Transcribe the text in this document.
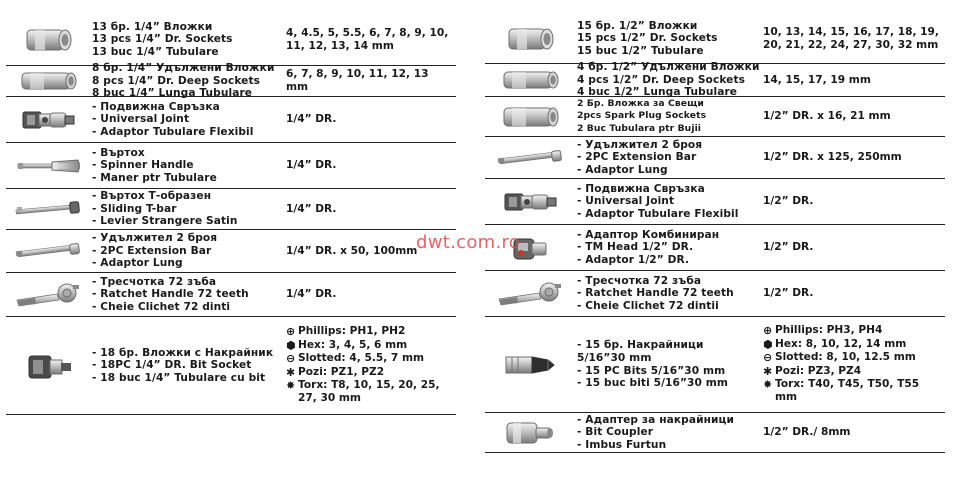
13 бр. 1/4” Вложки
13 pcs 1/4” Dr. Sockets
13 buc 1/4” Tubulare
4, 4.5, 5, 5.5, 6, 7, 8, 9, 10, 11, 12, 13, 14 mm
8 бр. 1/4” Удължени Вложки
8 pcs 1/4” Dr. Deep Sockets
8 buc 1/4” Lunga Tubulare
6, 7, 8, 9, 10, 11, 12, 13 mm
- Подвижна Свръзка
- Universal Joint
- Adaptor Tubulare Flexibil
1/4” DR.
- Въртох
- Spinner Handle
- Maner ptr Tubulare
1/4” DR.
- Въртох Т-образен
- Sliding T-bar
- Levier Strangere Satin
1/4” DR.
- Удължител 2 броя
- 2PC Extension Bar
- Adaptor Lung
1/4” DR. x 50, 100mm
- Тресчотка 72 зъба
- Ratchet Handle 72 teeth
- Cheie Clichet 72 dinti
1/4” DR.
- 18 бр. Вложки с Накрайник
- 18PC 1/4” DR. Bit Socket
- 18 buc 1/4” Tubulare cu bit
⊕ Phillips: PH1, PH2
⬢ Hex: 3, 4, 5, 6 mm
⊖ Slotted: 4, 5.5, 7 mm
✱ Pozi: PZ1, PZ2
✸ Torx: T8, 10, 15, 20, 25, 27, 30 mm
15 бр. 1/2” Вложки
15 pcs 1/2” Dr. Sockets
15 buc 1/2” Tubulare
10, 13, 14, 15, 16, 17, 18, 19, 20, 21, 22, 24, 27, 30, 32 mm
4 бр. 1/2” Удължени Вложки
4 pcs 1/2” Dr. Deep Sockets
4 buc 1/2” Lunga Tubulare
14, 15, 17, 19 mm
2 Бр. Вложка за Свещи
2pcs Spark Plug Sockets
2 Buc Tubulara ptr Bujii
1/2” DR. x 16, 21 mm
- Удължител 2 броя
- 2PC Extension Bar
- Adaptor Lung
1/2” DR. x 125, 250mm
- Подвижна Свръзка
- Universal Joint
- Adaptor Tubulare Flexibil
1/2” DR.
- Адаптор Комбиниран
- TM Head 1/2” DR.
- Adaptor 1/2” DR.
1/2” DR.
- Тресчотка 72 зъба
- Ratchet Handle 72 teeth
- Cheie Clichet 72 dintii
1/2” DR.
- 15 бр. Накрайници
5/16”30 mm
- 15 PC Bits 5/16”30 mm
- 15 buc biti 5/16”30 mm
⊕ Phillips: PH3, PH4
⬢ Hex: 8, 10, 12, 14 mm
⊖ Slotted: 8, 10, 12.5 mm
✱ Pozi: PZ3, PZ4
✸ Torx: T40, T45, T50, T55 mm
- Адаптер за накрайници
- Bit Coupler
- Imbus Furtun
1/2” DR./ 8mm
dwt.com.ro
